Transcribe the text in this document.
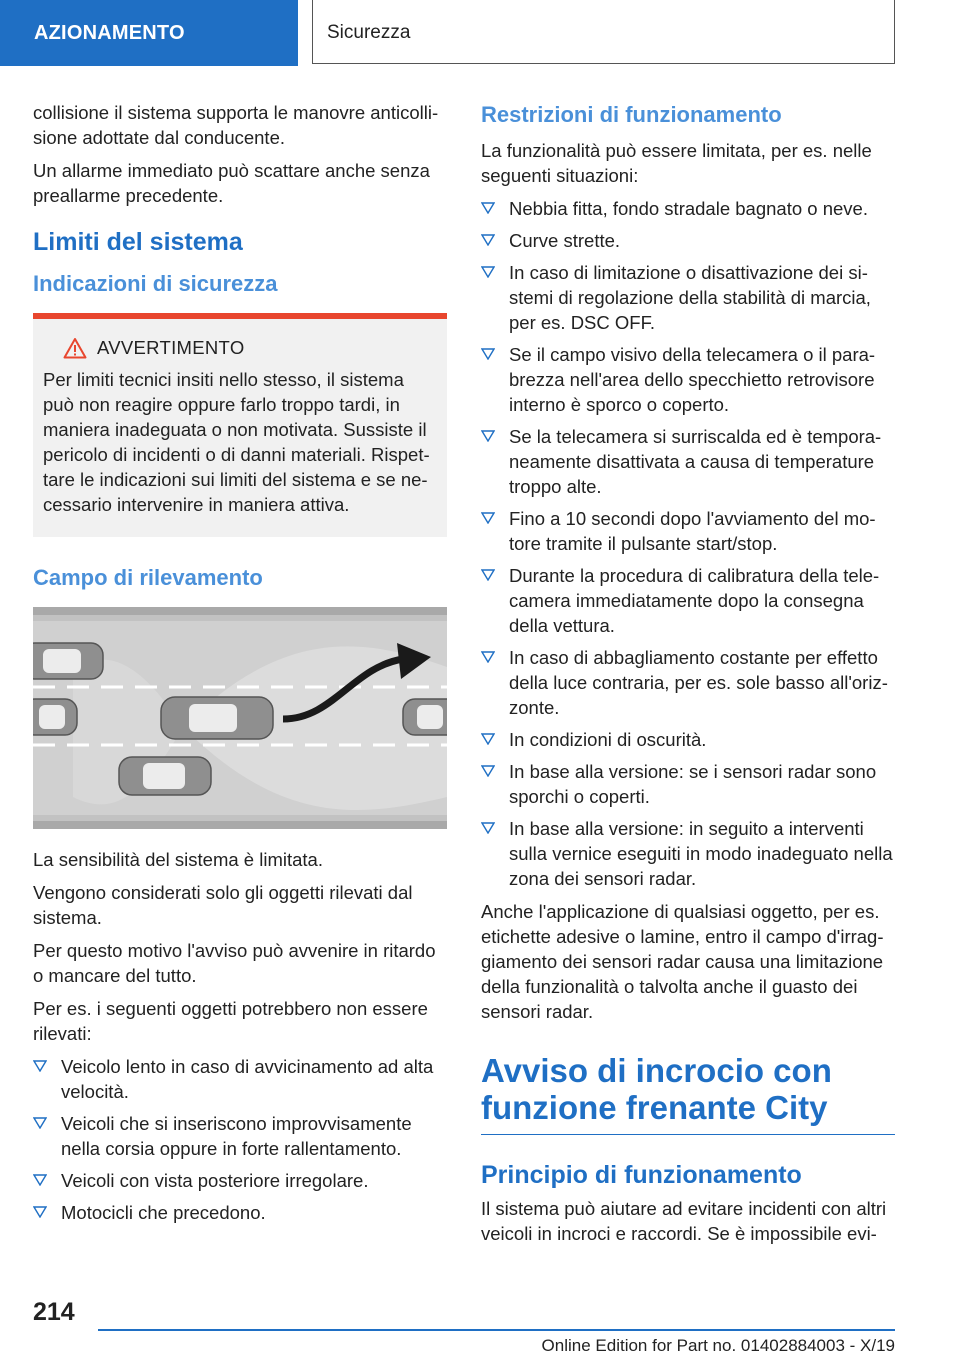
AZIONAMENTO	Sicurezza

collisione il sistema supporta le manovre anticolli-sione adottate dal conducente.

Un allarme immediato può scattare anche senza preallarme precedente.

Limiti del sistema
Indicazioni di sicurezza
AVVERTIMENTO

Per limiti tecnici insiti nello stesso, il sistema può non reagire oppure farlo troppo tardi, in maniera inadeguata o non motivata. Sussiste il pericolo di incidenti o di danni materiali. Rispet-tare le indicazioni sui limiti del sistema e se ne-cessario intervenire in maniera attiva.

Campo di rilevamento

La sensibilità del sistema è limitata.

Vengono considerati solo gli oggetti rilevati dal sistema.

Per questo motivo l'avviso può avvenire in ritardo o mancare del tutto.

Per es. i seguenti oggetti potrebbero non essere rilevati:

Veicolo lento in caso di avvicinamento ad alta velocità.
Veicoli che si inseriscono improvvisamente nella corsia oppure in forte rallentamento.
Veicoli con vista posteriore irregolare.
Motocicli che precedono.
Restrizioni di funzionamento

La funzionalità può essere limitata, per es. nelle seguenti situazioni:

Nebbia fitta, fondo stradale bagnato o neve.
Curve strette.
In caso di limitazione o disattivazione dei si-stemi di regolazione della stabilità di marcia, per es. DSC OFF.
Se il campo visivo della telecamera o il para-brezza nell'area dello specchietto retrovisore interno è sporco o coperto.
Se la telecamera si surriscalda ed è tempora-neamente disattivata a causa di temperature troppo alte.
Fino a 10 secondi dopo l'avviamento del mo-tore tramite il pulsante start/stop.
Durante la procedura di calibratura della tele-camera immediatamente dopo la consegna della vettura.
In caso di abbagliamento costante per effetto della luce contraria, per es. sole basso all'oriz-zonte.
In condizioni di oscurità.
In base alla versione: se i sensori radar sono sporchi o coperti.
In base alla versione: in seguito a interventi sulla vernice eseguiti in modo inadeguato nella zona dei sensori radar.

Anche l'applicazione di qualsiasi oggetto, per es. etichette adesive o lamine, entro il campo d'irrag-giamento dei sensori radar causa una limitazione della funzionalità o talvolta anche il guasto dei sensori radar.

Avviso di incrocio con funzione frenante City
Principio di funzionamento

Il sistema può aiutare ad evitare incidenti con altri veicoli in incroci e raccordi. Se è impossibile evi-

214
Online Edition for Part no. 01402884003 - X/19
